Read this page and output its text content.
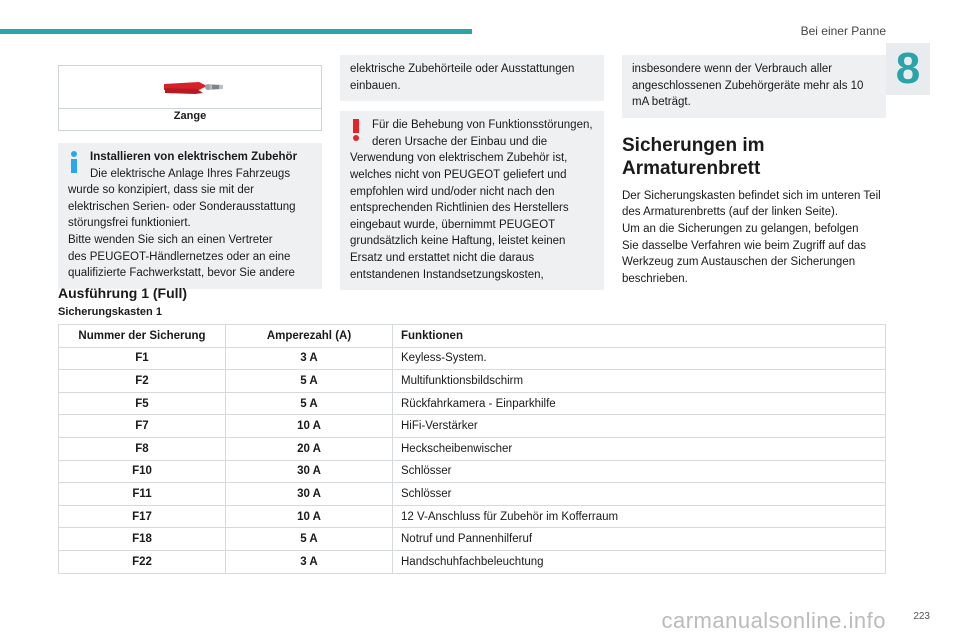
Bei einer Panne
8
Zange

Installieren von elektrischem Zubehör

Die elektrische Anlage Ihres Fahrzeugs

wurde so konzipiert, dass sie mit der

elektrischen Serien- oder Sonderausstattung

störungsfrei funktioniert.

Bitte wenden Sie sich an einen Vertreter

des PEUGEOT-Händlernetzes oder an eine

qualifizierte Fachwerkstatt, bevor Sie andere

elektrische Zubehörteile oder Ausstattungen

einbauen.

Für die Behebung von Funktionsstörungen,

deren Ursache der Einbau und die

Verwendung von elektrischem Zubehör ist,

welches nicht von PEUGEOT geliefert und

empfohlen wird und/oder nicht nach den

entsprechenden Richtlinien des Herstellers

eingebaut wurde, übernimmt PEUGEOT

grundsätzlich keine Haftung, leistet keinen

Ersatz und erstattet nicht die daraus

entstandenen Instandsetzungskosten,

insbesondere wenn der Verbrauch aller

angeschlossenen Zubehörgeräte mehr als 10

mA beträgt.

Sicherungen im
Armaturenbrett
Der Sicherungskasten befindet sich im unteren Teil
des Armaturenbretts (auf der linken Seite).
Um an die Sicherungen zu gelangen, befolgen
Sie dasselbe Verfahren wie beim Zugriff auf das
Werkzeug zum Austauschen der Sicherungen
beschrieben.
Ausführung 1 (Full)
Sicherungskasten 1
Nummer der Sicherung	Amperezahl (A)	Funktionen
F1	3 A	Keyless-System.
F2	5 A	Multifunktionsbildschirm
F5	5 A	Rückfahrkamera - Einparkhilfe
F7	10 A	HiFi-Verstärker
F8	20 A	Heckscheibenwischer
F10	30 A	Schlösser
F11	30 A	Schlösser
F17	10 A	12 V-Anschluss für Zubehör im Kofferraum
F18	5 A	Notruf und Pannenhilferuf
F22	3 A	Handschuhfachbeleuchtung
223
carmanualsonline.info
